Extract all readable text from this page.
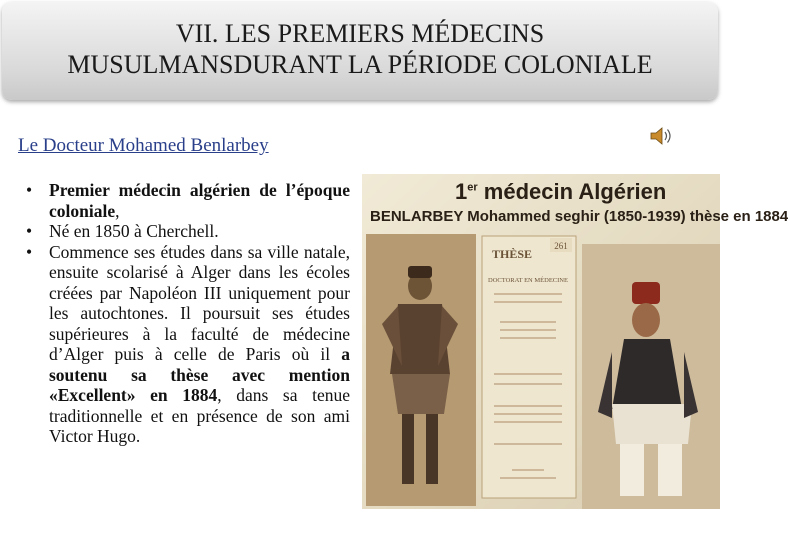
VII. LES PREMIERS MÉDECINS
MUSULMANSDURANT LA PÉRIODE COLONIALE
Le Docteur Mohamed Benlarbey
• Premier médecin algérien de l’époque coloniale,
• Né en 1850 à Cherchell.
• Commence ses études dans sa ville natale, ensuite scolarisé à Alger dans les écoles créées par Napoléon III uniquement pour les autochtones. Il poursuit ses études supérieures à la faculté de médecine d’Alger puis à celle de Paris où il a soutenu sa thèse avec mention «Excellent» en 1884, dans sa tenue traditionnelle et en présence de son ami Victor Hugo.
261
THÈSE
DOCTORAT EN MÉDECINE
1er médecin Algérien
BENLARBEY Mohammed seghir (1850-1939) thèse en 1884
